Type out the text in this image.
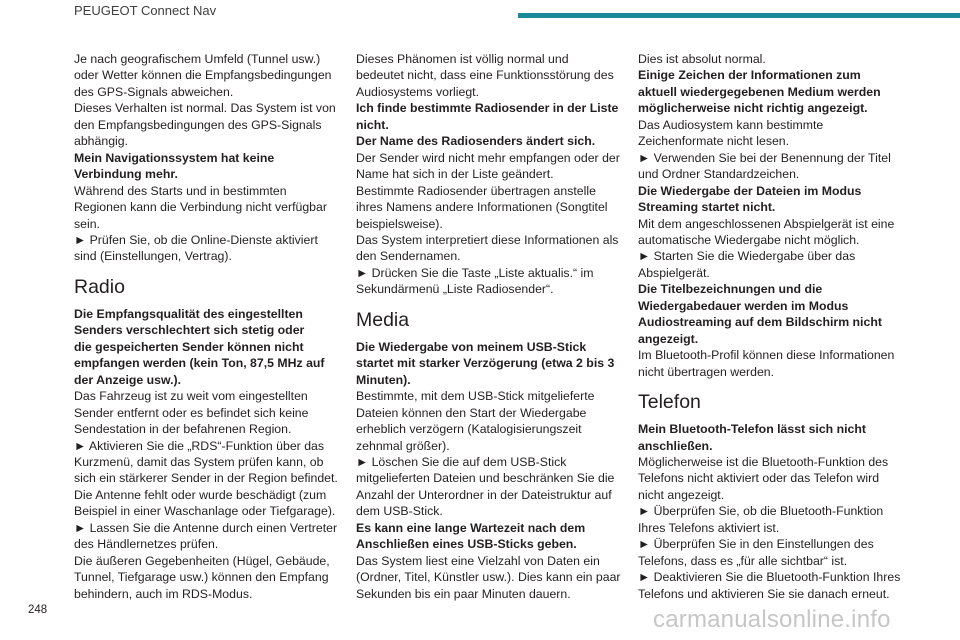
PEUGEOT Connect Nav

Je nach geografischem Umfeld (Tunnel usw.)

oder Wetter können die Empfangsbedingungen

des GPS-Signals abweichen.

Dieses Verhalten ist normal. Das System ist von

den Empfangsbedingungen des GPS-Signals

abhängig.

Mein Navigationssystem hat keine

Verbindung mehr.

Während des Starts und in bestimmten

Regionen kann die Verbindung nicht verfügbar

sein.

► Prüfen Sie, ob die Online-Dienste aktiviert

sind (Einstellungen, Vertrag).

Radio

Die Empfangsqualität des eingestellten

Senders verschlechtert sich stetig oder

die gespeicherten Sender können nicht

empfangen werden (kein Ton, 87,5 MHz auf

der Anzeige usw.).

Das Fahrzeug ist zu weit vom eingestellten

Sender entfernt oder es befindet sich keine

Sendestation in der befahrenen Region.

► Aktivieren Sie die „RDS“-Funktion über das

Kurzmenü, damit das System prüfen kann, ob

sich ein stärkerer Sender in der Region befindet.

Die Antenne fehlt oder wurde beschädigt (zum

Beispiel in einer Waschanlage oder Tiefgarage).

► Lassen Sie die Antenne durch einen Vertreter

des Händlernetzes prüfen.

Die äußeren Gegebenheiten (Hügel, Gebäude,

Tunnel, Tiefgarage usw.) können den Empfang

behindern, auch im RDS-Modus.

Dieses Phänomen ist völlig normal und

bedeutet nicht, dass eine Funktionsstörung des

Audiosystems vorliegt.

Ich finde bestimmte Radiosender in der Liste

nicht.

Der Name des Radiosenders ändert sich.

Der Sender wird nicht mehr empfangen oder der

Name hat sich in der Liste geändert.

Bestimmte Radiosender übertragen anstelle

ihres Namens andere Informationen (Songtitel

beispielsweise).

Das System interpretiert diese Informationen als

den Sendernamen.

► Drücken Sie die Taste „Liste aktualis.“ im

Sekundärmenü „Liste Radiosender“.

Media

Die Wiedergabe von meinem USB-Stick

startet mit starker Verzögerung (etwa 2 bis 3

Minuten).

Bestimmte, mit dem USB-Stick mitgelieferte

Dateien können den Start der Wiedergabe

erheblich verzögern (Katalogisierungszeit

zehnmal größer).

► Löschen Sie die auf dem USB-Stick

mitgelieferten Dateien und beschränken Sie die

Anzahl der Unterordner in der Dateistruktur auf

dem USB-Stick.

Es kann eine lange Wartezeit nach dem

Anschließen eines USB-Sticks geben.

Das System liest eine Vielzahl von Daten ein

(Ordner, Titel, Künstler usw.). Dies kann ein paar

Sekunden bis ein paar Minuten dauern.

Dies ist absolut normal.

Einige Zeichen der Informationen zum

aktuell wiedergegebenen Medium werden

möglicherweise nicht richtig angezeigt.

Das Audiosystem kann bestimmte

Zeichenformate nicht lesen.

► Verwenden Sie bei der Benennung der Titel

und Ordner Standardzeichen.

Die Wiedergabe der Dateien im Modus

Streaming startet nicht.

Mit dem angeschlossenen Abspielgerät ist eine

automatische Wiedergabe nicht möglich.

► Starten Sie die Wiedergabe über das

Abspielgerät.

Die Titelbezeichnungen und die

Wiedergabedauer werden im Modus

Audiostreaming auf dem Bildschirm nicht

angezeigt.

Im Bluetooth-Profil können diese Informationen

nicht übertragen werden.

Telefon

Mein Bluetooth-Telefon lässt sich nicht

anschließen.

Möglicherweise ist die Bluetooth-Funktion des

Telefons nicht aktiviert oder das Telefon wird

nicht angezeigt.

► Überprüfen Sie, ob die Bluetooth-Funktion

Ihres Telefons aktiviert ist.

► Überprüfen Sie in den Einstellungen des

Telefons, dass es „für alle sichtbar“ ist.

► Deaktivieren Sie die Bluetooth-Funktion Ihres

Telefons und aktivieren Sie sie danach erneut.

248	carmanualsonline.info
